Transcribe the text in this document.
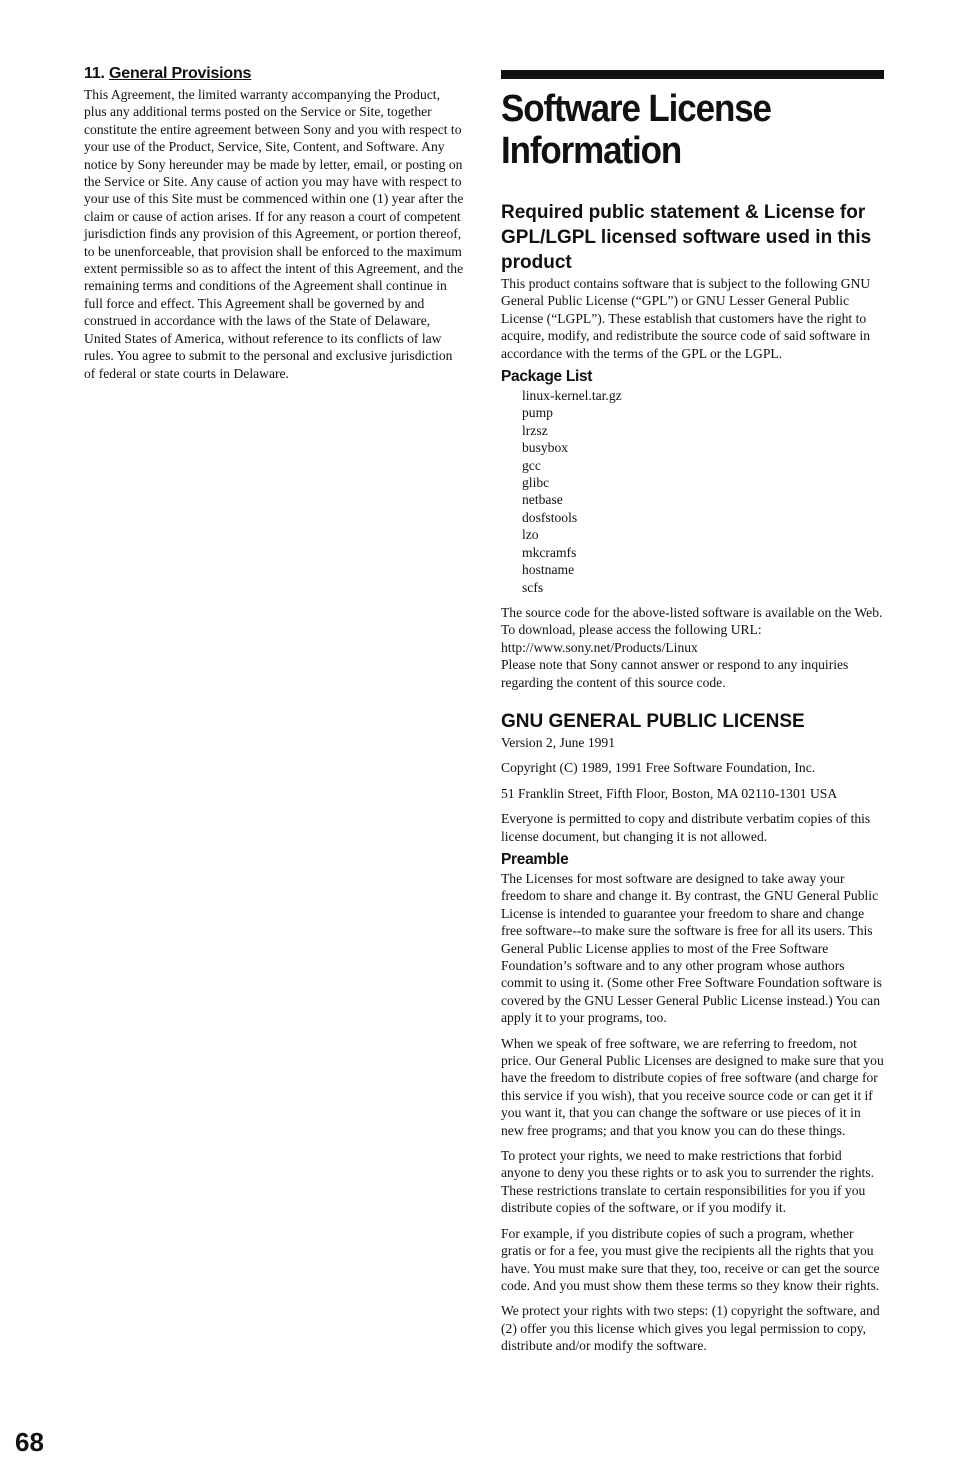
11. General Provisions

This Agreement, the limited warranty accompanying the Product, plus any additional terms posted on the Service or Site, together constitute the entire agreement between Sony and you with respect to your use of the Product, Service, Site, Content, and Software. Any notice by Sony hereunder may be made by letter, email, or posting on the Service or Site. Any cause of action you may have with respect to your use of this Site must be commenced within one (1) year after the claim or cause of action arises. If for any reason a court of competent jurisdiction finds any provision of this Agreement, or portion thereof, to be unenforceable, that provision shall be enforced to the maximum extent permissible so as to affect the intent of this Agreement, and the remaining terms and conditions of the Agreement shall continue in full force and effect. This Agreement shall be governed by and construed in accordance with the laws of the State of Delaware, United States of America, without reference to its conflicts of law rules. You agree to submit to the personal and exclusive jurisdiction of federal or state courts in Delaware.

Software License
Information
Required public statement & License for GPL/LGPL licensed software used in this product

This product contains software that is subject to the following GNU General Public License (“GPL”) or GNU Lesser General Public License (“LGPL”). These establish that customers have the right to acquire, modify, and redistribute the source code of said software in accordance with the terms of the GPL or the LGPL.

Package List
linux-kernel.tar.gz
pump
lrzsz
busybox
gcc
glibc
netbase
dosfstools
lzo
mkcramfs
hostname
scfs

The source code for the above-listed software is available on the Web.

To download, please access the following URL:

http://www.sony.net/Products/Linux

Please note that Sony cannot answer or respond to any inquiries regarding the content of this source code.

GNU GENERAL PUBLIC LICENSE

Version 2, June 1991

Copyright (C) 1989, 1991 Free Software Foundation, Inc.

51 Franklin Street, Fifth Floor, Boston, MA 02110-1301 USA

Everyone is permitted to copy and distribute verbatim copies of this license document, but changing it is not allowed.

Preamble

The Licenses for most software are designed to take away your freedom to share and change it. By contrast, the GNU General Public License is intended to guarantee your freedom to share and change free software--to make sure the software is free for all its users. This General Public License applies to most of the Free Software Foundation’s software and to any other program whose authors commit to using it. (Some other Free Software Foundation software is covered by the GNU Lesser General Public License instead.) You can apply it to your programs, too.

When we speak of free software, we are referring to freedom, not price. Our General Public Licenses are designed to make sure that you have the freedom to distribute copies of free software (and charge for this service if you wish), that you receive source code or can get it if you want it, that you can change the software or use pieces of it in new free programs; and that you know you can do these things.

To protect your rights, we need to make restrictions that forbid anyone to deny you these rights or to ask you to surrender the rights. These restrictions translate to certain responsibilities for you if you distribute copies of the software, or if you modify it.

For example, if you distribute copies of such a program, whether gratis or for a fee, you must give the recipients all the rights that you have. You must make sure that they, too, receive or can get the source code. And you must show them these terms so they know their rights.

We protect your rights with two steps: (1) copyright the software, and (2) offer you this license which gives you legal permission to copy, distribute and/or modify the software.

68
